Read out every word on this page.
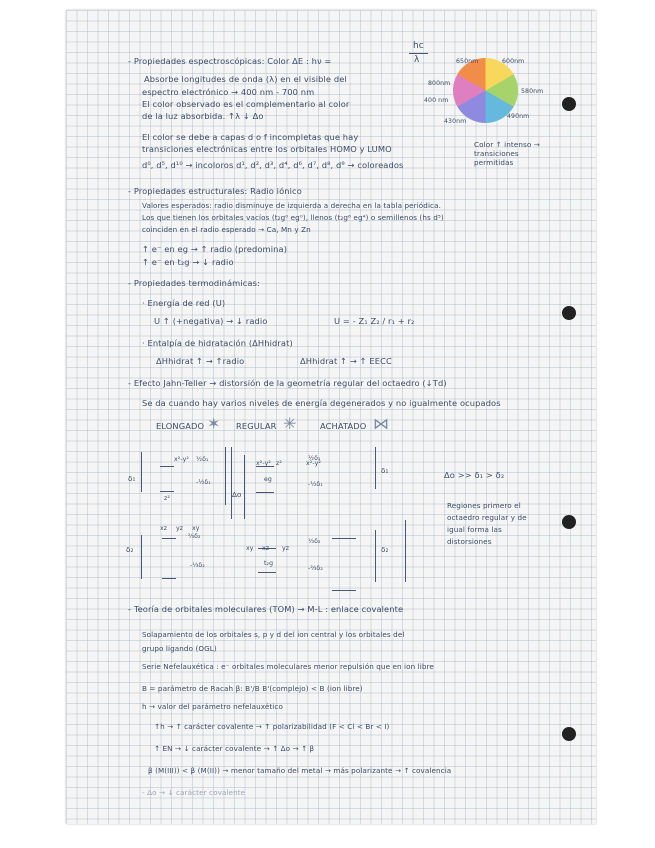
- Propiedades espectroscópicas: Color ΔE : hν =
hc
λ	650nm	600nm
800nm
400 nm
580nm
430nm
490nm
Absorbe longitudes de onda (λ) en el visible del
espectro electrónico → 400 nm - 700 nm
El color observado es el complementario al color
de la luz absorbida. ↑λ ↓ Δo
El color se debe a capas d o f incompletas que hay
transiciones electrónicas entre los orbitales HOMO y LUMO	Color ↑ intenso → transiciones permitidas
d⁰, d⁵, d¹⁰ → incoloros d¹, d², d³, d⁴, d⁶, d⁷, d⁸, d⁹ → coloreados
- Propiedades estructurales: Radio iónico
Valores esperados: radio disminuye de izquierda a derecha en la tabla periódica.
Los que tienen los orbitales vacíos (t₂g⁰ eg⁰), llenos (t₂g⁶ eg⁴) o semillenos (hs d⁵)
coinciden en el radio esperado → Ca, Mn y Zn
↑ e⁻ en eg → ↑ radio (predomina)
↑ e⁻ en t₂g → ↓ radio
- Propiedades termodinámicas:
· Energía de red (U)
U ↑ (+negativa) → ↓ radio	U = - Z₁ Z₂ / r₁ + r₂
· Entalpía de hidratación (ΔHhidrat)
ΔHhidrat ↑ → ↑radio	ΔHhidrat ↑ → ↑ EECC
- Efecto Jahn-Teller → distorsión de la geometría regular del octaedro (↓Td)
Se da cuando hay varios niveles de energía degenerados y no igualmente ocupados
ELONGADO ✶ REGULAR ✳	ACHATADO ⋈
δ₁
δ₂
x²-y²
z²
½δ₁
-½δ₁
Δo
x²-y² z²	x²-y²
eg
t₂g
xz yz xy
⅔δ₂
-⅓δ₂
½δ₁
-½δ₁
⅓δ₂
-⅔δ₂
δ₁
δ₂
xy xz yz
Δo >> δ₁ > δ₂
Regiones primero el octaedro regular y de igual forma las distorsiones
- Teoría de orbitales moleculares (TOM) → M-L : enlace covalente
Solapamiento de los orbitales s, p y d del ion central y los orbitales del
grupo ligando (OGL)
Serie Nefelauxética : e⁻ orbitales moleculares menor repulsión que en ion libre
B = parámetro de Racah β: B'/B B'(complejo) < B (ion libre)
h → valor del parámetro nefelauxético
↑h → ↑ carácter covalente → ↑ polarizabilidad (F < Cl < Br < I)
↑ EN → ↓ carácter covalente → ↑ Δo → ↑ β
β (M(III)) < β (M(II)) → menor tamaño del metal → más polarizante → ↑ covalencia
- Δo → ↓ carácter covalente
